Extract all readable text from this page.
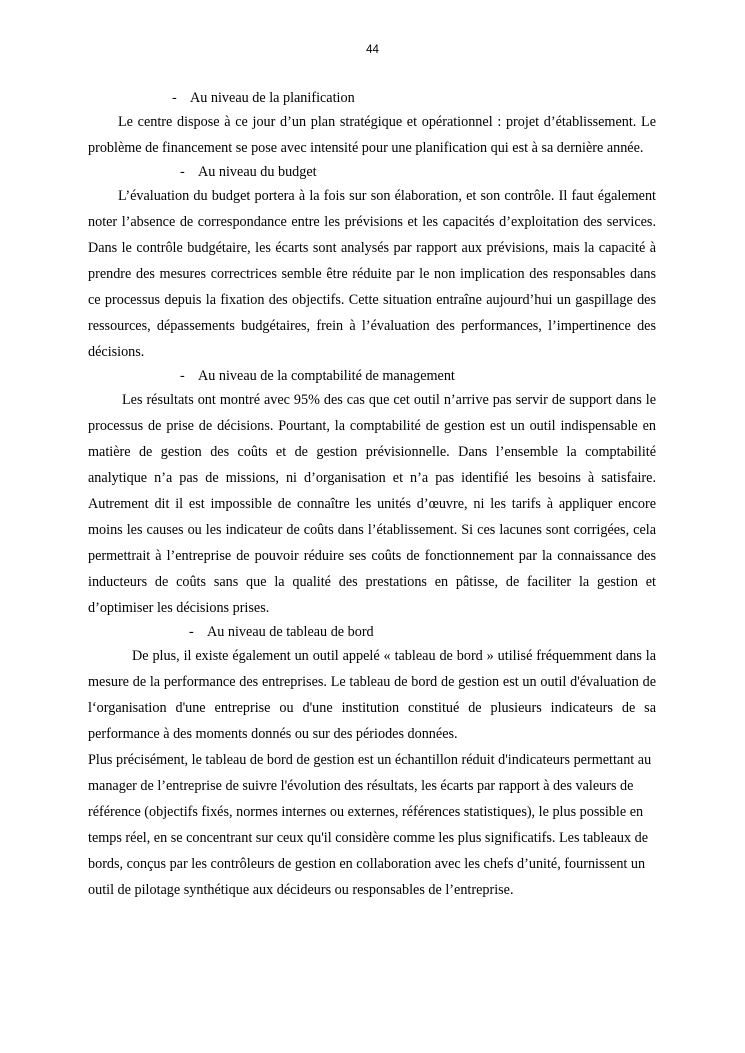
44
- Au niveau de la planification

Le centre dispose à ce jour d’un plan stratégique et opérationnel : projet d’établissement. Le problème de financement se pose avec intensité pour une planification qui est à sa dernière année.

- Au niveau du budget

L’évaluation du budget portera à la fois sur son élaboration, et son contrôle. Il faut également noter l’absence de correspondance entre les prévisions et les capacités d’exploitation des services. Dans le contrôle budgétaire, les écarts sont analysés par rapport aux prévisions, mais la capacité à prendre des mesures correctrices semble être réduite par le non implication des responsables dans ce processus depuis la fixation des objectifs. Cette situation entraîne aujourd’hui un gaspillage des ressources, dépassements budgétaires, frein à l’évaluation des performances, l’impertinence des décisions.

- Au niveau de la comptabilité de management

Les résultats ont montré avec 95% des cas que cet outil n’arrive pas servir de support dans le processus de prise de décisions. Pourtant, la comptabilité de gestion est un outil indispensable en matière de gestion des coûts et de gestion prévisionnelle. Dans l’ensemble la comptabilité analytique n’a pas de missions, ni d’organisation et n’a pas identifié les besoins à satisfaire. Autrement dit il est impossible de connaître les unités d’œuvre, ni les tarifs à appliquer encore moins les causes ou les indicateur de coûts dans l’établissement. Si ces lacunes sont corrigées, cela permettrait à l’entreprise de pouvoir réduire ses coûts de fonctionnement par la connaissance des inducteurs de coûts sans que la qualité des prestations en pâtisse, de faciliter la gestion et d’optimiser les décisions prises.

- Au niveau de tableau de bord

De plus, il existe également un outil appelé « tableau de bord » utilisé fréquemment dans la mesure de la performance des entreprises. Le tableau de bord de gestion est un outil d'évaluation de l‘organisation d'une entreprise ou d'une institution constitué de plusieurs indicateurs de sa performance à des moments donnés ou sur des périodes données.

Plus précisément, le tableau de bord de gestion est un échantillon réduit d'indicateurs permettant au manager de l’entreprise de suivre l'évolution des résultats, les écarts par rapport à des valeurs de référence (objectifs fixés, normes internes ou externes, références statistiques), le plus possible en temps réel, en se concentrant sur ceux qu'il considère comme les plus significatifs. Les tableaux de bords, conçus par les contrôleurs de gestion en collaboration avec les chefs d’unité, fournissent un outil de pilotage synthétique aux décideurs ou responsables de l’entreprise.
